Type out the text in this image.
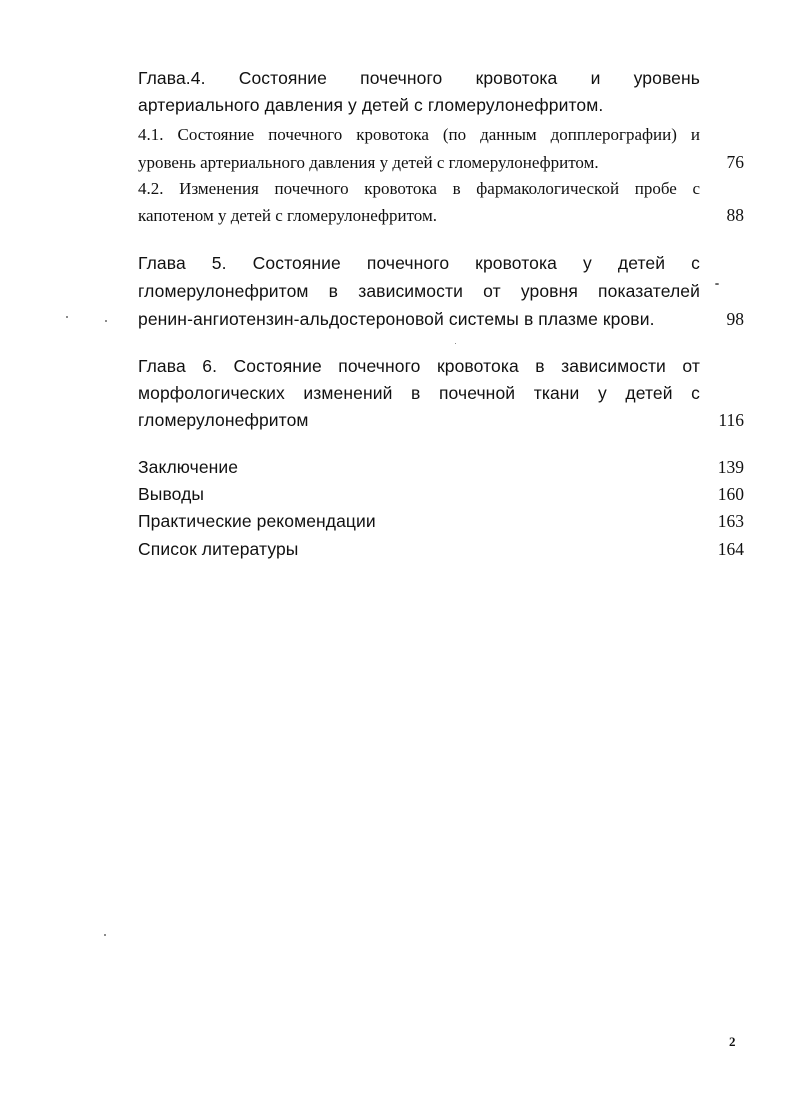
Глава.4. Состояние почечного кровотока и уровень
артериального давления у детей с гломерулонефритом.
4.1. Состояние почечного кровотока (по данным допплерографии) и
уровень артериального давления у детей с гломерулонефритом.	76
4.2. Изменения почечного кровотока в фармакологической пробе с
капотеном у детей с гломерулонефритом.	88
Глава 5. Состояние почечного кровотока у детей с
гломерулонефритом в зависимости от уровня показателей
ренин-ангиотензин-альдостероновой системы в плазме крови.	98
Глава 6. Состояние почечного кровотока в зависимости от
морфологических изменений в почечной ткани у детей с
гломерулонефритом	116
Заключение	139
Выводы	160
Практические рекомендации	163
Список литературы	164
2
